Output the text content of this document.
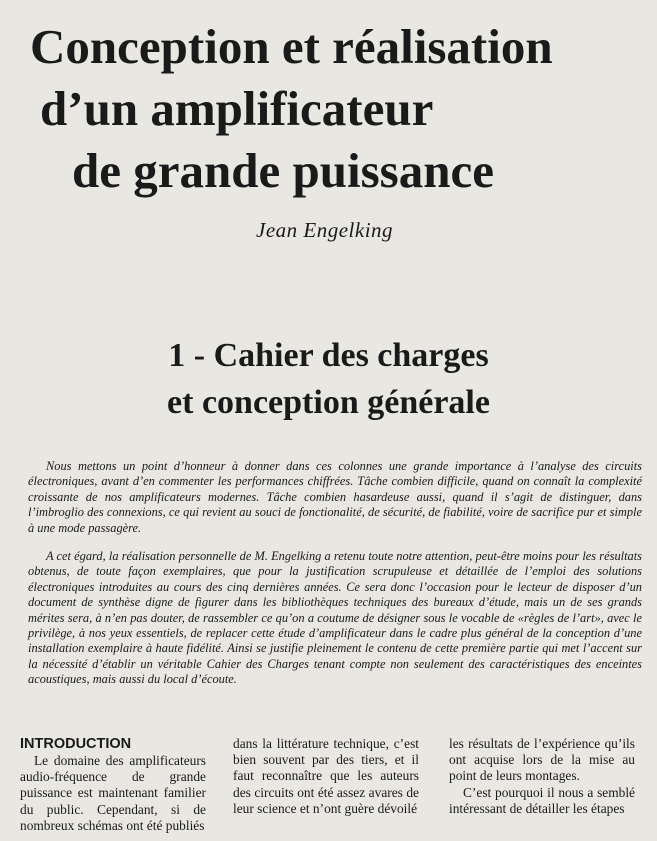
Conception et réalisation
d’un amplificateur
de grande puissance
Jean Engelking
1 - Cahier des charges
et conception générale

Nous mettons un point d’honneur à donner dans ces colonnes une grande importance à l’analyse des circuits électroniques, avant d’en commenter les performances chiffrées. Tâche combien difficile, quand on connaît la complexité croissante de nos amplificateurs modernes. Tâche combien hasardeuse aussi, quand il s’agit de distinguer, dans l’imbroglio des connexions, ce qui revient au souci de fonctionalité, de sécurité, de fiabilité, voire de sacrifice pur et simple à une mode passagère.

A cet égard, la réalisation personnelle de M. Engelking a retenu toute notre attention, peut-être moins pour les résultats obtenus, de toute façon exemplaires, que pour la justification scrupuleuse et détaillée de l’emploi des solutions électroniques introduites au cours des cinq dernières années. Ce sera donc l’occasion pour le lecteur de disposer d’un document de synthèse digne de figurer dans les bibliothèques techniques des bureaux d’étude, mais un de ses grands mérites sera, à n’en pas douter, de rassembler ce qu’on a coutume de désigner sous le vocable de «règles de l’art», avec le privilège, à nos yeux essentiels, de replacer cette étude d’amplificateur dans le cadre plus général de la conception d’une installation exemplaire à haute fidélité. Ainsi se justifie pleinement le contenu de cette première partie qui met l’accent sur la nécessité d’établir un véritable Cahier des Charges tenant compte non seulement des caractéristiques des enceintes acoustiques, mais aussi du local d’écoute.

INTRODUCTION

Le domaine des amplificateurs audio-fréquence de grande puissance est maintenant familier du public. Cependant, si de nombreux schémas ont été publiés

dans la littérature technique, c’est bien souvent par des tiers, et il faut reconnaître que les auteurs des circuits ont été assez avares de leur science et n’ont guère dévoilé

les résultats de l’expérience qu’ils ont acquise lors de la mise au point de leurs montages.

C’est pourquoi il nous a semblé intéressant de détailler les étapes
